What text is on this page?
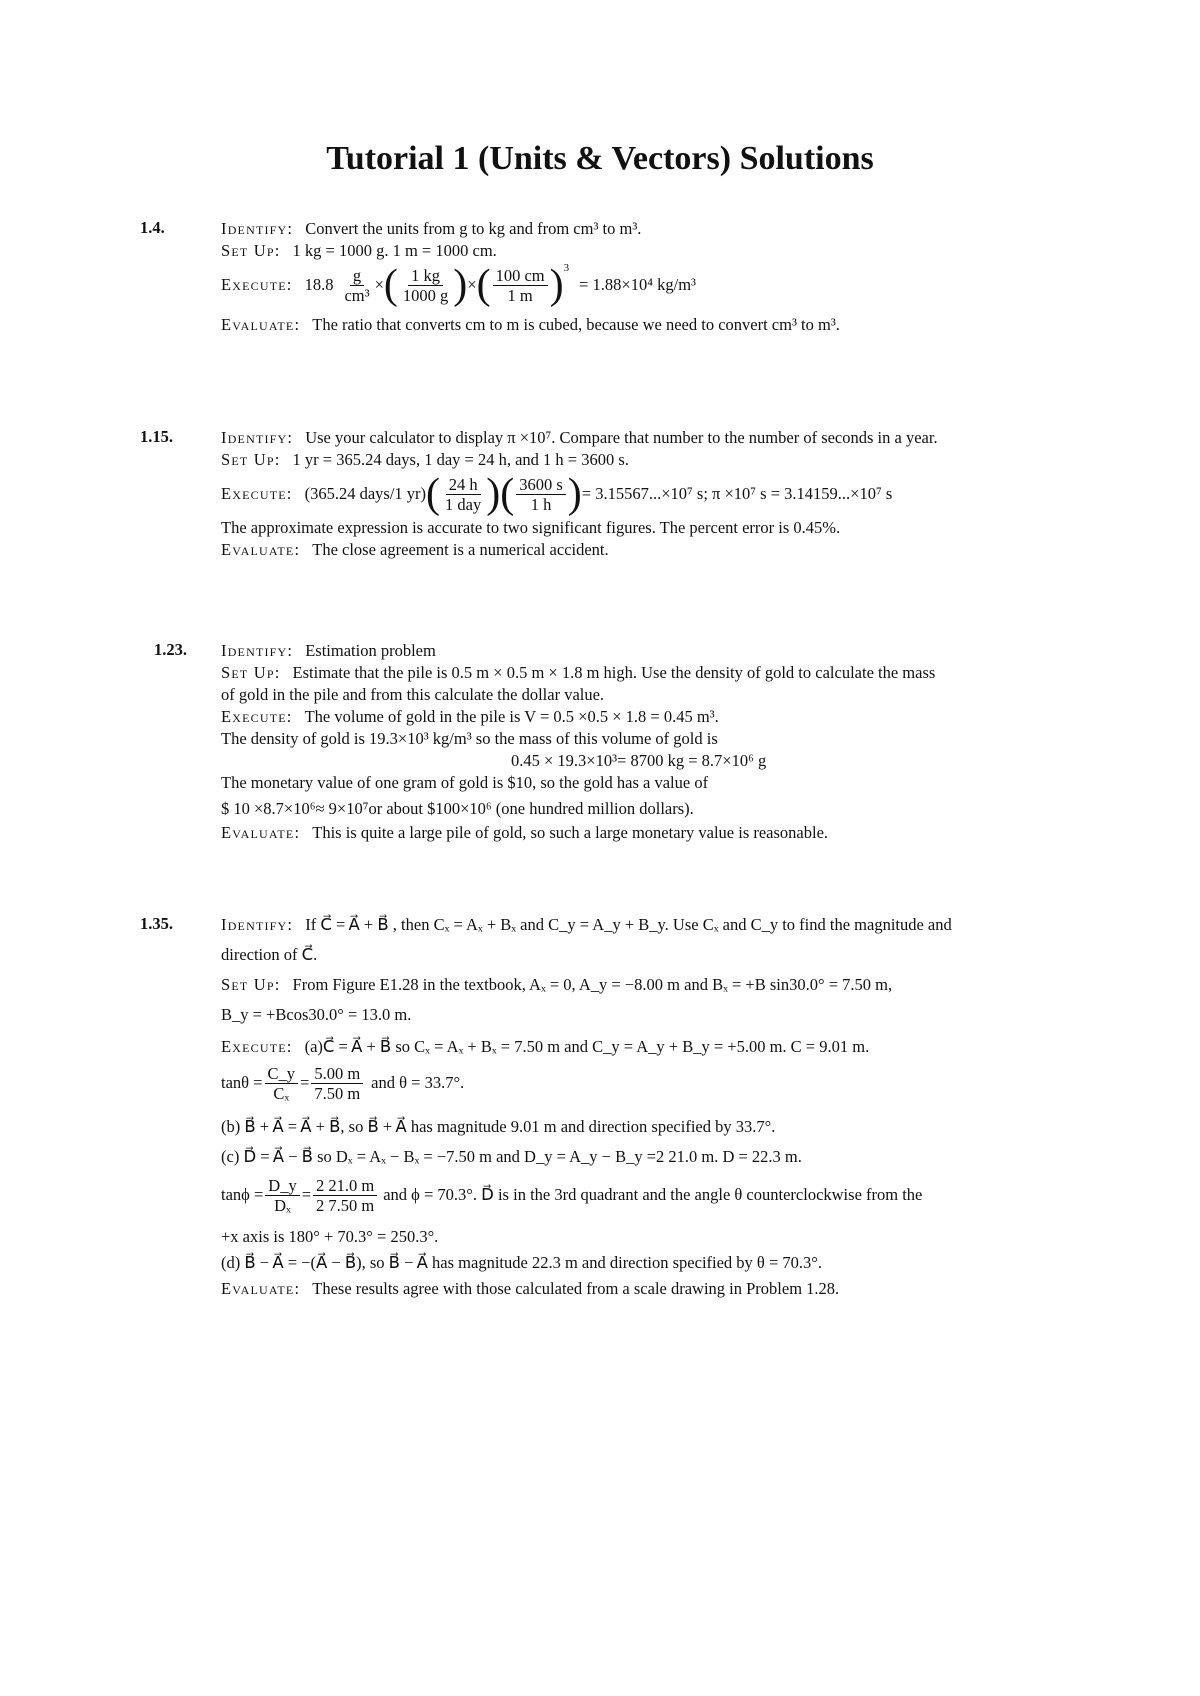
Tutorial 1 (Units & Vectors) Solutions
1.4.	Identify: Convert the units from g to kg and from cm³ to m³.
Set Up: 1 kg = 1000 g. 1 m = 1000 cm.
Execute: $18.8 \frac{g}{\text{cm³}}$ × ( $\frac{1 kg}{1000 g}$ ) × ( $\frac{100 cm}{1 m}$ ) 3
= 1.88×10⁴ kg/m³
Evaluate: The ratio that converts cm to m is cubed, because we need to convert cm³ to m³.
1.15.	Identify: Use your calculator to display π ×10⁷. Compare that number to the number of seconds in a year.
Set Up: 1 yr = 365.24 days, 1 day = 24 h, and 1 h = 3600 s.
Execute: (365.24 days/1 yr) ( $\frac{24 h}{\text{1 day}}$ )( $\frac{3600 s}{1 h}$ ) = 3.15567...×10⁷ s; π ×10⁷ s = 3.14159...×10⁷ s
The approximate expression is accurate to two significant figures. The percent error is 0.45%.
Evaluate: The close agreement is a numerical accident.
1.23. Identify: Estimation problem
Set Up: Estimate that the pile is 0.5 m × 0.5 m × 1.8 m high. Use the density of gold to calculate the mass
of gold in the pile and from this calculate the dollar value.
Execute: The volume of gold in the pile is V = 0.5 ×0.5 × 1.8 = 0.45 m³.
The density of gold is 19.3×10³ kg/m³ so the mass of this volume of gold is
0.45 × 19.3×10³= 8700 kg = 8.7×10⁶ g
The monetary value of one gram of gold is $10, so the gold has a value of
$ 10 ×8.7×10⁶≈ 9×10⁷or about $100×10⁶ (one hundred million dollars).
Evaluate: This is quite a large pile of gold, so such a large monetary value is reasonable.
1.35.	Identify: If C⃗ = A⃗ + B⃗ , then Cₓ = Aₓ + Bₓ and C_y = A_y + B_y. Use Cₓ and C_y to find the magnitude and
direction of C⃗.
Set Up: From Figure E1.28 in the textbook, Aₓ = 0, A_y = −8.00 m and Bₓ = +B sin30.0° = 7.50 m,
B_y = +Bcos30.0° = 13.0 m.
Execute: (a)C⃗ = A⃗ + B⃗ so Cₓ = Aₓ + Bₓ = 7.50 m and C_y = A_y + B_y = +5.00 m. C = 9.01 m.
$\tan\theta = \frac{C\_y}{\text{Cₓ}} = \frac{5.00 m}{7.50 m}$ and θ = 33.7°.
(b) B⃗ + A⃗ = A⃗ + B⃗, so B⃗ + A⃗ has magnitude 9.01 m and direction specified by 33.7°.
(c) D⃗ = A⃗ − B⃗ so Dₓ = Aₓ − Bₓ = −7.50 m and D_y = A_y − B_y =2 21.0 m. D = 22.3 m.
$\tan\phi = \frac{D\_y}{\text{Dₓ}} = \frac{2 21.0 m}{2 7.50 m}$ and ϕ = 70.3°. D⃗ is in the 3rd quadrant and the angle θ counterclockwise from the
+x axis is 180° + 70.3° = 250.3°.
(d) B⃗ − A⃗ = −(A⃗ − B⃗), so B⃗ − A⃗ has magnitude 22.3 m and direction specified by θ = 70.3°.
Evaluate: These results agree with those calculated from a scale drawing in Problem 1.28.
